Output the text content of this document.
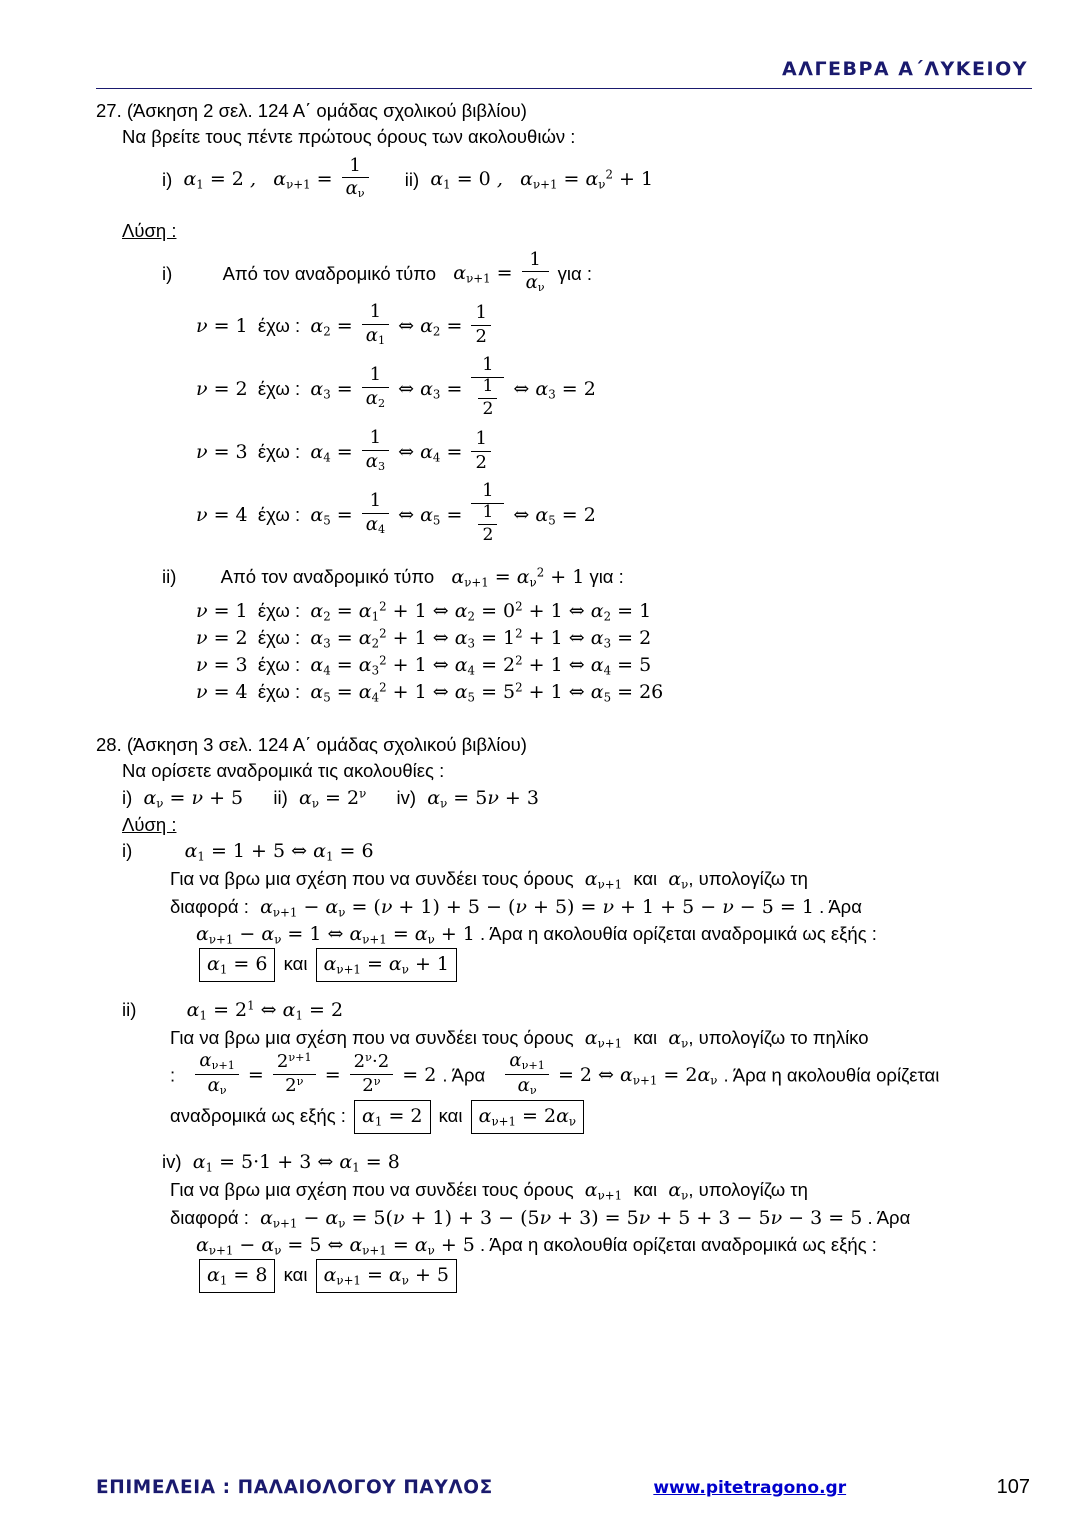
ΑΛΓΕΒΡΑ Α΄ΛΥΚΕΙΟΥ
27. (Άσκηση 2 σελ. 124 Α΄ ομάδας σχολικού βιβλίου)
Να βρείτε τους πέντε πρώτους όρους των ακολουθιών :
i)  $\alpha_1 = 2$ ,   $\alpha_{\nu+1} = \frac{1}{\alpha_\nu} ii$)  $\alpha_1 = 0$ ,   $\alpha_{\nu+1} = \alpha_\nu^2 + 1$
Λύση :
i)	Από τον αναδρομικό τύπο   $\alpha_{\nu+1} = \frac{1}{\alpha_\nu}$ για :
ν = 1  έχω :  $\alpha_2 = \frac{1}{\alpha_1}$ ⇔ $\alpha_2 = \frac{1}{2}$
ν = 2  έχω :  $\alpha_3 = \frac{1}{\alpha_2}$ ⇔ $\alpha_3 = \frac{1}{\frac{1}{2}}$ ⇔ $\alpha_3 = 2$
ν = 3  έχω :  $\alpha_4 = \frac{1}{\alpha_3}$ ⇔ $\alpha_4 = \frac{1}{2}$
ν = 4  έχω :  $\alpha_5 = \frac{1}{\alpha_4}$ ⇔ $\alpha_5 = \frac{1}{\frac{1}{2}}$ ⇔ $\alpha_5 = 2$
ii) Από τον αναδρομικό τύπο   $\alpha_{\nu+1} = \alpha_\nu^2 + 1$ για :
ν = 1  έχω :  $\alpha_2 = \alpha_1^2 + 1$ ⇔ $\alpha_2 = 0^2 + 1$ ⇔ $\alpha_2 = 1$
ν = 2  έχω :  $\alpha_3 = \alpha_2^2 + 1$ ⇔ $\alpha_3 = 1^2 + 1$ ⇔ $\alpha_3 = 2$
ν = 3  έχω :  $\alpha_4 = \alpha_3^2 + 1$ ⇔ $\alpha_4 = 2^2 + 1$ ⇔ $\alpha_4 = 5$
ν = 4  έχω :  $\alpha_5 = \alpha_4^2 + 1$ ⇔ $\alpha_5 = 5^2 + 1$ ⇔ $\alpha_5 = 26$
28. (Άσκηση 3 σελ. 124 Α΄ ομάδας σχολικού βιβλίου)
Να ορίσετε αναδρομικά τις ακολουθίες :
i)  $\alpha_\nu = \nu + 5$ ii)  $\alpha_\nu = 2^\nu$ iv)  $\alpha_\nu = 5\nu + 3$
Λύση :
i)	$\alpha_1 = 1 + 5$ ⇔ $\alpha_1 = 6$
Για να βρω μια σχέση που να συνδέει τους όρους  $\alpha_{\nu+1}$ και  $\alpha_\nu$, υπολογίζω τη
διαφορά :  $\alpha_{\nu+1} - \alpha_\nu = (\nu + 1) + 5 - (\nu + 5) = \nu + 1 + 5 - \nu - 5 = 1$ . Άρα
$\alpha_{\nu+1} - \alpha_\nu = 1$ ⇔ $\alpha_{\nu+1} = \alpha_\nu + 1$ . Άρα η ακολουθία ορίζεται αναδρομικά ως εξής :
$\alpha_1 = 6$ και $\alpha_{\nu+1} = \alpha_\nu + 1$
ii)	$\alpha_1 = 2^1$ ⇔ $\alpha_1 = 2$
Για να βρω μια σχέση που να συνδέει τους όρους  $\alpha_{\nu+1}$ και  $\alpha_\nu$, υπολογίζω το πηλίκο
: $\frac{\alpha_{\nu+1}}{\alpha_\nu} = \frac{2^{\nu+1}}{2^\nu} = \frac{2^\nu\cdot 2}{2^\nu} = 2$ . Άρα $\frac{\alpha_{\nu+1}}{\alpha_\nu} = 2$ ⇔ $\alpha_{\nu+1} = 2\alpha_\nu$ . Άρα η ακολουθία ορίζεται
αναδρομικά ως εξής : $\alpha_1 = 2$ και $\alpha_{\nu+1} = 2\alpha_\nu$
iv)  $\alpha_1 = 5\cdot 1 + 3$ ⇔ $\alpha_1 = 8$
Για να βρω μια σχέση που να συνδέει τους όρους  $\alpha_{\nu+1}$ και  $\alpha_\nu$, υπολογίζω τη
διαφορά :  $\alpha_{\nu+1} - \alpha_\nu = 5(\nu + 1) + 3 - (5\nu + 3) = 5\nu + 5 + 3 - 5\nu - 3 = 5$ . Άρα
$\alpha_{\nu+1} - \alpha_\nu = 5$ ⇔ $\alpha_{\nu+1} = \alpha_\nu + 5$ . Άρα η ακολουθία ορίζεται αναδρομικά ως εξής :
$\alpha_1 = 8$ και $\alpha_{\nu+1} = \alpha_\nu + 5$
ΕΠΙΜΕΛΕΙΑ : ΠΑΛΑΙΟΛΟΓΟΥ ΠΑΥΛΟΣ	www.pitetragono.gr	107
